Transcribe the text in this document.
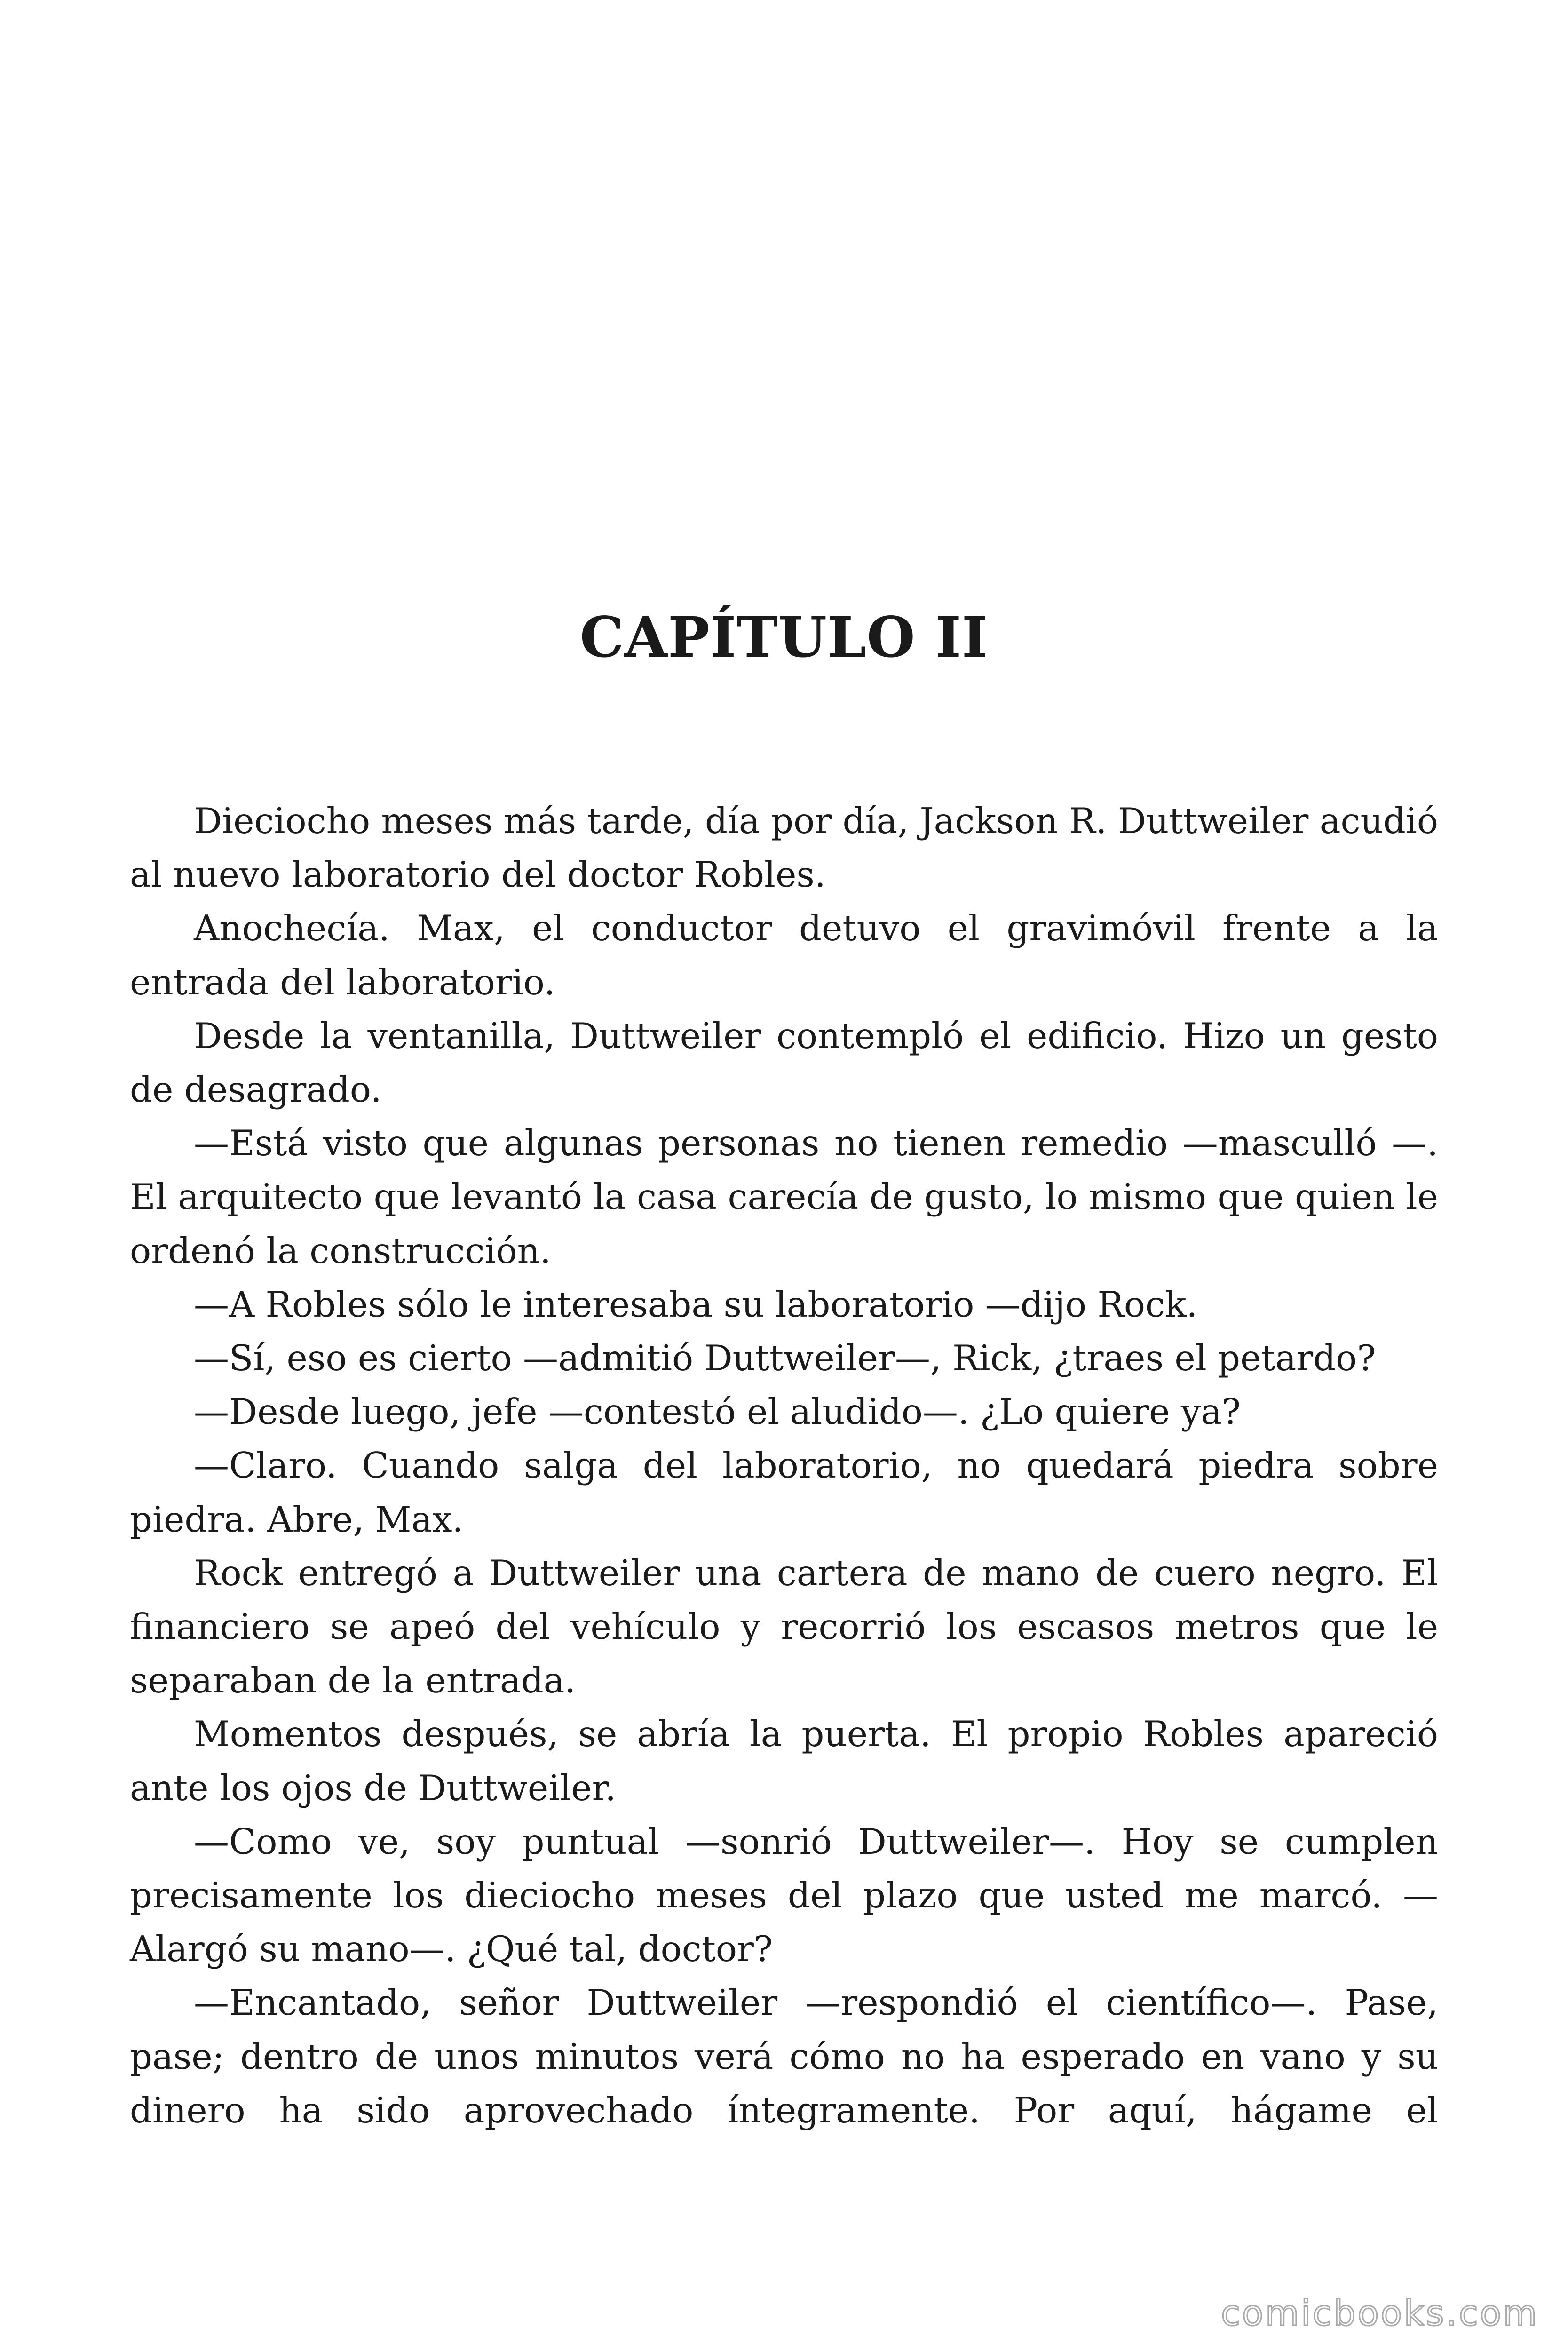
CAPÍTULO II

Dieciocho meses más tarde, día por día, Jackson R. Duttweiler acudió al nuevo laboratorio del doctor Robles.

Anochecía. Max, el conductor detuvo el gravimóvil frente a la entrada del laboratorio.

Desde la ventanilla, Duttweiler contempló el edificio. Hizo un gesto de desagrado.

—Está visto que algunas personas no tienen remedio —masculló —. El arquitecto que levantó la casa carecía de gusto, lo mismo que quien le ordenó la construcción.

—A Robles sólo le interesaba su laboratorio —dijo Rock.

—Sí, eso es cierto —admitió Duttweiler—, Rick, ¿traes el petardo?

—Desde luego, jefe —contestó el aludido—. ¿Lo quiere ya?

—Claro. Cuando salga del laboratorio, no quedará piedra sobre piedra. Abre, Max.

Rock entregó a Duttweiler una cartera de mano de cuero negro. El financiero se apeó del vehículo y recorrió los escasos metros que le separaban de la entrada.

Momentos después, se abría la puerta. El propio Robles apareció ante los ojos de Duttweiler.

—Como ve, soy puntual —sonrió Duttweiler—. Hoy se cumplen precisamente los dieciocho meses del plazo que usted me marcó. — Alargó su mano—. ¿Qué tal, doctor?

—Encantado, señor Duttweiler —respondió el científico—. Pase, pase; dentro de unos minutos verá cómo no ha esperado en vano y su dinero ha sido aprovechado íntegramente. Por aquí, hágame el

comicbooks.com
